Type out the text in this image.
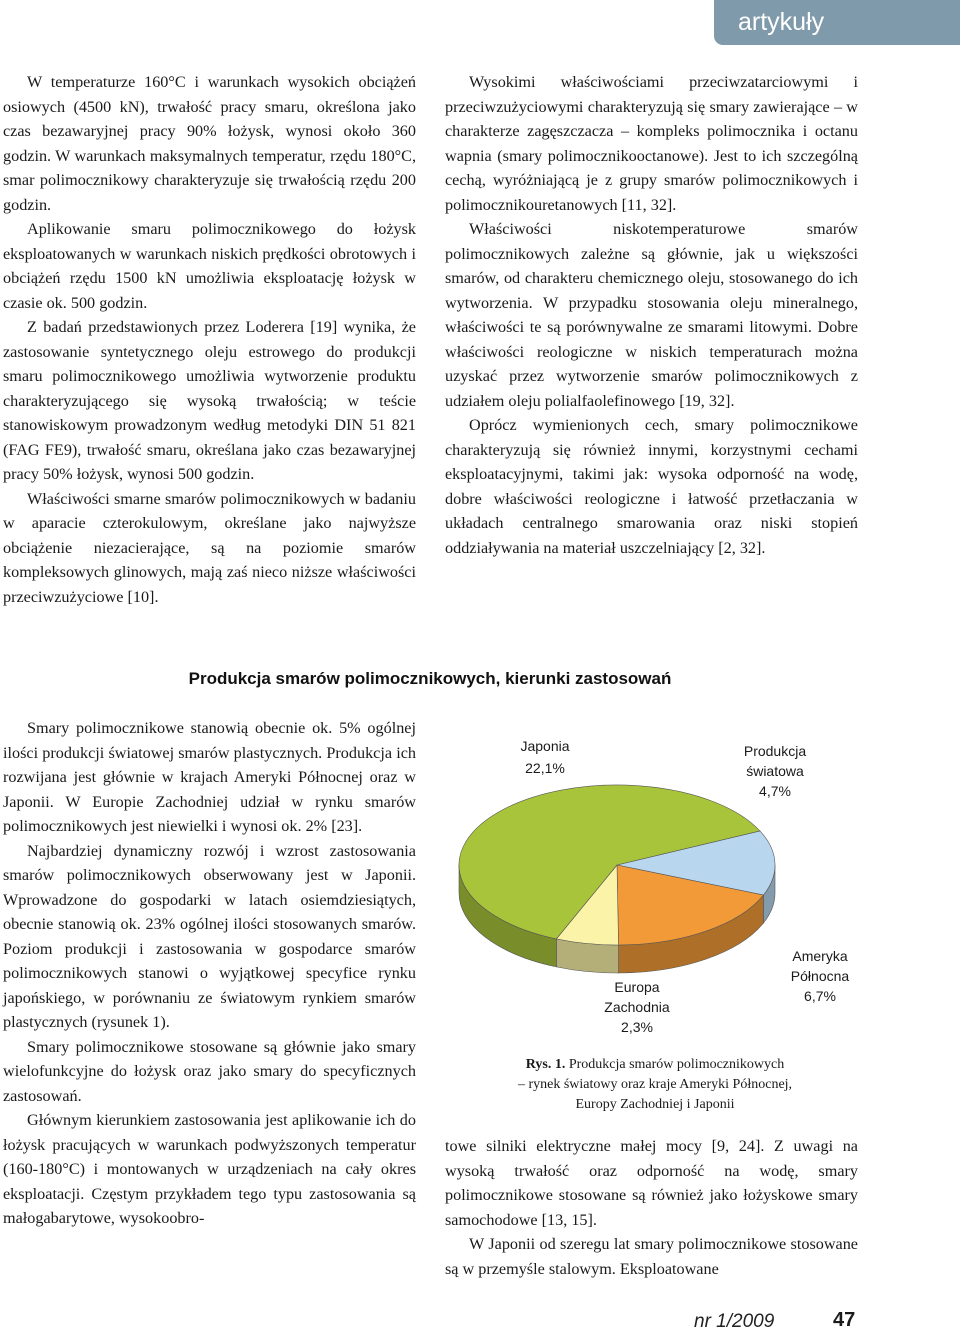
artykuły

W temperaturze 160°C i warunkach wysokich obciążeń osiowych (4500 kN), trwałość pracy smaru, określona jako czas bezawaryjnej pracy 90% łożysk, wynosi około 360 godzin. W warunkach maksymalnych temperatur, rzędu 180°C, smar polimocznikowy charakteryzuje się trwałością rzędu 200 godzin.

Aplikowanie smaru polimocznikowego do łożysk eksploatowanych w warunkach niskich prędkości obrotowych i obciążeń rzędu 1500 kN umożliwia eksploatację łożysk w czasie ok. 500 godzin.

Z badań przedstawionych przez Loderera [19] wynika, że zastosowanie syntetycznego oleju estrowego do produkcji smaru polimocznikowego umożliwia wytworzenie produktu charakteryzującego się wysoką trwałością; w teście stanowiskowym prowadzonym według metodyki DIN 51 821 (FAG FE9), trwałość smaru, określana jako czas bezawaryjnej pracy 50% łożysk, wynosi 500 godzin.

Właściwości smarne smarów polimocznikowych w badaniu w aparacie czterokulowym, określane jako najwyższe obciążenie niezacierające, są na poziomie smarów kompleksowych glinowych, mają zaś nieco niższe właściwości przeciwzużyciowe [10].

Wysokimi właściwościami przeciwzatarciowymi i przeciwzużyciowymi charakteryzują się smary zawierające – w charakterze zagęszczacza – kompleks polimocznika i octanu wapnia (smary polimocznikooctanowe). Jest to ich szczególną cechą, wyróżniającą je z grupy smarów polimocznikowych i polimocznikouretanowych [11, 32].

Właściwości niskotemperaturowe smarów polimocznikowych zależne są głównie, jak u większości smarów, od charakteru chemicznego oleju, stosowanego do ich wytworzenia. W przypadku stosowania oleju mineralnego, właściwości te są porównywalne ze smarami litowymi. Dobre właściwości reologiczne w niskich temperaturach można uzyskać przez wytworzenie smarów polimocznikowych z udziałem oleju polialfaolefinowego [19, 32].

Oprócz wymienionych cech, smary polimocznikowe charakteryzują się również innymi, korzystnymi cechami eksploatacyjnymi, takimi jak: wysoka odporność na wodę, dobre właściwości reologiczne i łatwość przetłaczania w układach centralnego smarowania oraz niski stopień oddziaływania na materiał uszczelniający [2, 32].

Produkcja smarów polimocznikowych, kierunki zastosowań

Smary polimocznikowe stanowią obecnie ok. 5% ogólnej ilości produkcji światowej smarów plastycznych. Produkcja ich rozwijana jest głównie w krajach Ameryki Północnej oraz w Japonii. W Europie Zachodniej udział w rynku smarów polimocznikowych jest niewielki i wynosi ok. 2% [23].

Najbardziej dynamiczny rozwój i wzrost zastosowania smarów polimocznikowych obserwowany jest w Japonii. Wprowadzone do gospodarki w latach osiemdziesiątych, obecnie stanowią ok. 23% ogólnej ilości stosowanych smarów. Poziom produkcji i zastosowania w gospodarce smarów polimocznikowych stanowi o wyjątkowej specyfice rynku japońskiego, w porównaniu ze światowym rynkiem smarów plastycznych (rysunek 1).

Smary polimocznikowe stosowane są głównie jako smary wielofunkcyjne do łożysk oraz jako smary do specyficznych zastosowań.

Głównym kierunkiem zastosowania jest aplikowanie ich do łożysk pracujących w warunkach podwyższonych temperatur (160-180°C) i montowanych w urządzeniach na cały okres eksploatacji. Częstym przykładem tego typu zastosowania są małogabarytowe, wysokoobro-

Japonia
22,1%
Produkcja
światowa
4,7%
Ameryka
Północna
6,7%
Europa
Zachodnia
2,3%
Rys. 1. Produkcja smarów polimocznikowych
– rynek światowy oraz kraje Ameryki Północnej,
Europy Zachodniej i Japonii

towe silniki elektryczne małej mocy [9, 24]. Z uwagi na wysoką trwałość oraz odporność na wodę, smary polimocznikowe stosowane są również jako łożyskowe smary samochodowe [13, 15].

W Japonii od szeregu lat smary polimocznikowe stosowane są w przemyśle stalowym. Eksploatowane

nr 1/2009	47
